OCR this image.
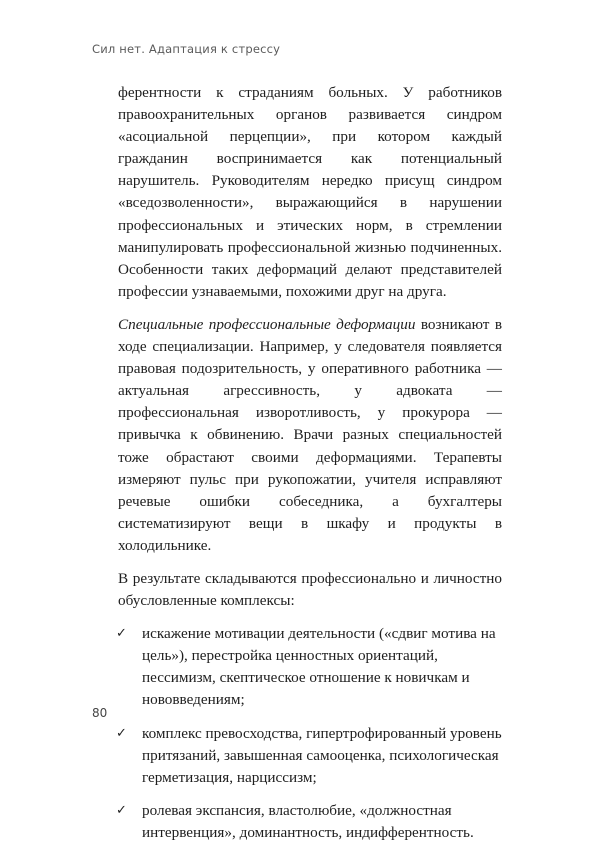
Сил нет. Адаптация к стрессу

ферентности к страданиям больных. У работников правоохранительных органов развивается синдром «асоциальной перцепции», при котором каждый гражданин воспринимается как потенциальный нарушитель. Руководителям нередко присущ синдром «вседозволенности», выражающийся в нарушении профессиональных и этических норм, в стремлении манипулировать профессиональной жизнью подчиненных. Особенности таких деформаций делают представителей профессии узнаваемыми, похожими друг на друга.

Специальные профессиональные деформации возникают в ходе специализации. Например, у следователя появляется правовая подозрительность, у оперативного работника — актуальная агрессивность, у адвоката — профессиональная изворотливость, у прокурора — привычка к обвинению. Врачи разных специальностей тоже обрастают своими деформациями. Терапевты измеряют пульс при рукопожатии, учителя исправляют речевые ошибки собеседника, а бухгалтеры систематизируют вещи в шкафу и продукты в холодильнике.

В результате складываются профессионально и личностно обусловленные комплексы:

✓ искажение мотивации деятельности («сдвиг мотива на цель»), перестройка ценностных ориентаций, пессимизм, скептическое отношение к новичкам и нововведениям;
✓ комплекс превосходства, гипертрофированный уровень притязаний, завышенная самооценка, психологическая герметизация, нарциссизм;
✓ ролевая экспансия, властолюбие, «должностная интервенция», доминантность, индифферентность.
80
